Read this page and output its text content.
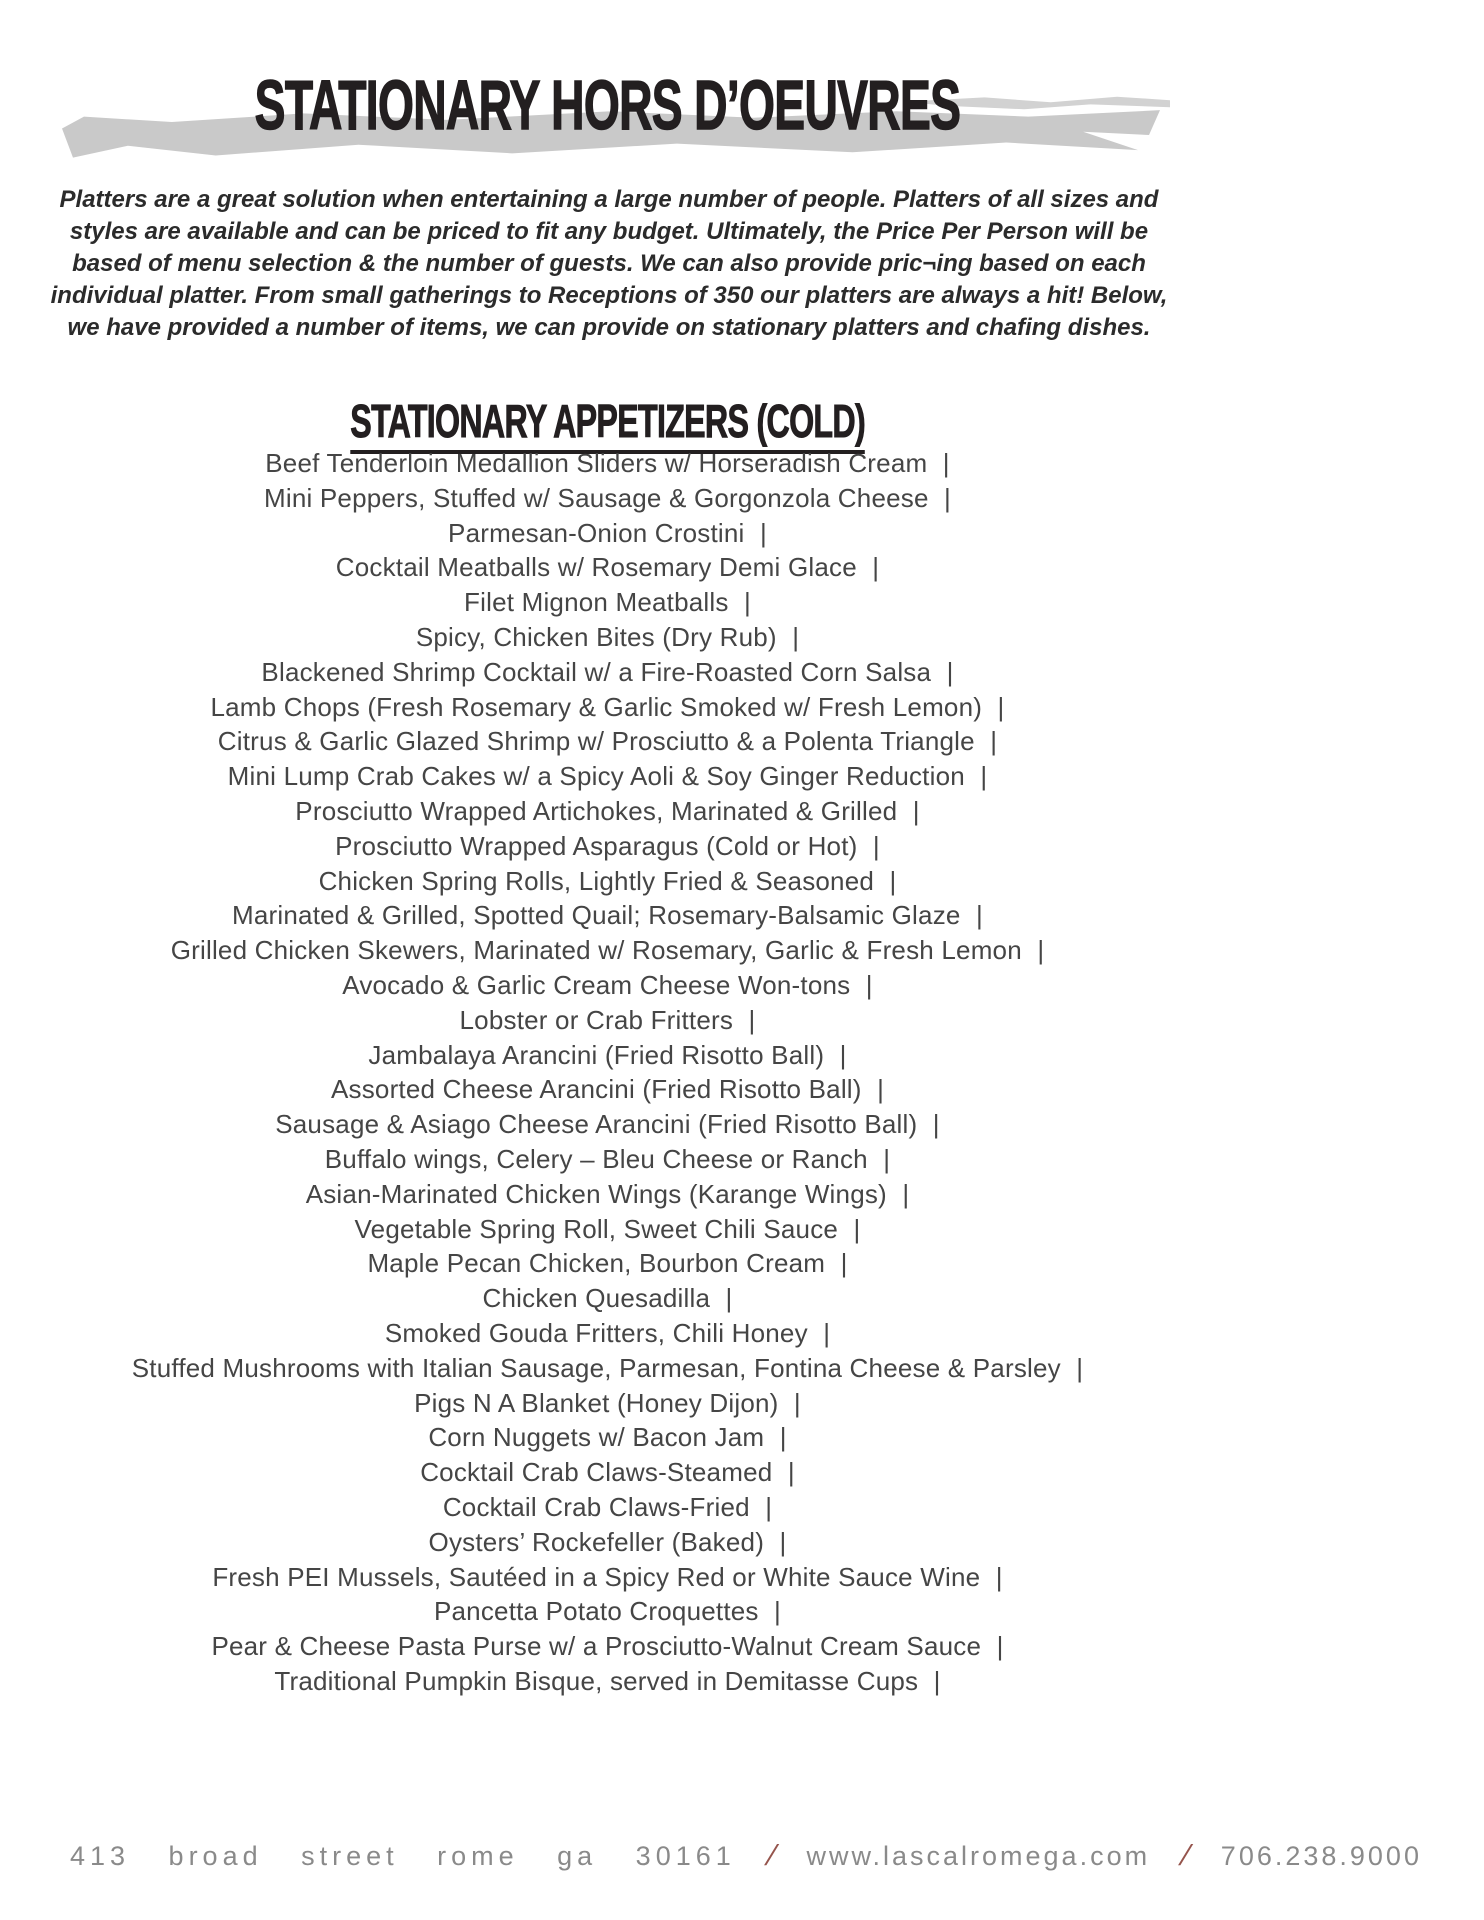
STATIONARY HORS D’OEUVRES

Platters are a great solution when entertaining a large number of people. Platters of all sizes and styles are available and can be priced to fit any budget. Ultimately, the Price Per Person will be based of menu selection & the number of guests. We can also provide pric¬ing based on each individual platter. From small gatherings to Receptions of 350 our platters are always a hit! Below, we have provided a number of items, we can provide on stationary platters and chafing dishes.

STATIONARY APPETIZERS (COLD)
Beef Tenderloin Medallion Sliders w/ Horseradish Cream |
Mini Peppers, Stuffed w/ Sausage & Gorgonzola Cheese |
Parmesan-Onion Crostini |
Cocktail Meatballs w/ Rosemary Demi Glace |
Filet Mignon Meatballs |
Spicy, Chicken Bites (Dry Rub) |
Blackened Shrimp Cocktail w/ a Fire-Roasted Corn Salsa |
Lamb Chops (Fresh Rosemary & Garlic Smoked w/ Fresh Lemon) |
Citrus & Garlic Glazed Shrimp w/ Prosciutto & a Polenta Triangle |
Mini Lump Crab Cakes w/ a Spicy Aoli & Soy Ginger Reduction |
Prosciutto Wrapped Artichokes, Marinated & Grilled |
Prosciutto Wrapped Asparagus (Cold or Hot) |
Chicken Spring Rolls, Lightly Fried & Seasoned |
Marinated & Grilled, Spotted Quail; Rosemary-Balsamic Glaze |
Grilled Chicken Skewers, Marinated w/ Rosemary, Garlic & Fresh Lemon |
Avocado & Garlic Cream Cheese Won-tons |
Lobster or Crab Fritters |
Jambalaya Arancini (Fried Risotto Ball) |
Assorted Cheese Arancini (Fried Risotto Ball) |
Sausage & Asiago Cheese Arancini (Fried Risotto Ball) |
Buffalo wings, Celery – Bleu Cheese or Ranch |
Asian-Marinated Chicken Wings (Karange Wings) |
Vegetable Spring Roll, Sweet Chili Sauce |
Maple Pecan Chicken, Bourbon Cream |
Chicken Quesadilla |
Smoked Gouda Fritters, Chili Honey |
Stuffed Mushrooms with Italian Sausage, Parmesan, Fontina Cheese & Parsley |
Pigs N A Blanket (Honey Dijon) |
Corn Nuggets w/ Bacon Jam |
Cocktail Crab Claws-Steamed |
Cocktail Crab Claws-Fried |
Oysters’ Rockefeller (Baked) |
Fresh PEI Mussels, Sautéed in a Spicy Red or White Sauce Wine |
Pancetta Potato Croquettes |
Pear & Cheese Pasta Purse w/ a Prosciutto-Walnut Cream Sauce |
Traditional Pumpkin Bisque, served in Demitasse Cups |
413 broad street rome ga 30161 / www.lascalromega.com / 706.238.9000
